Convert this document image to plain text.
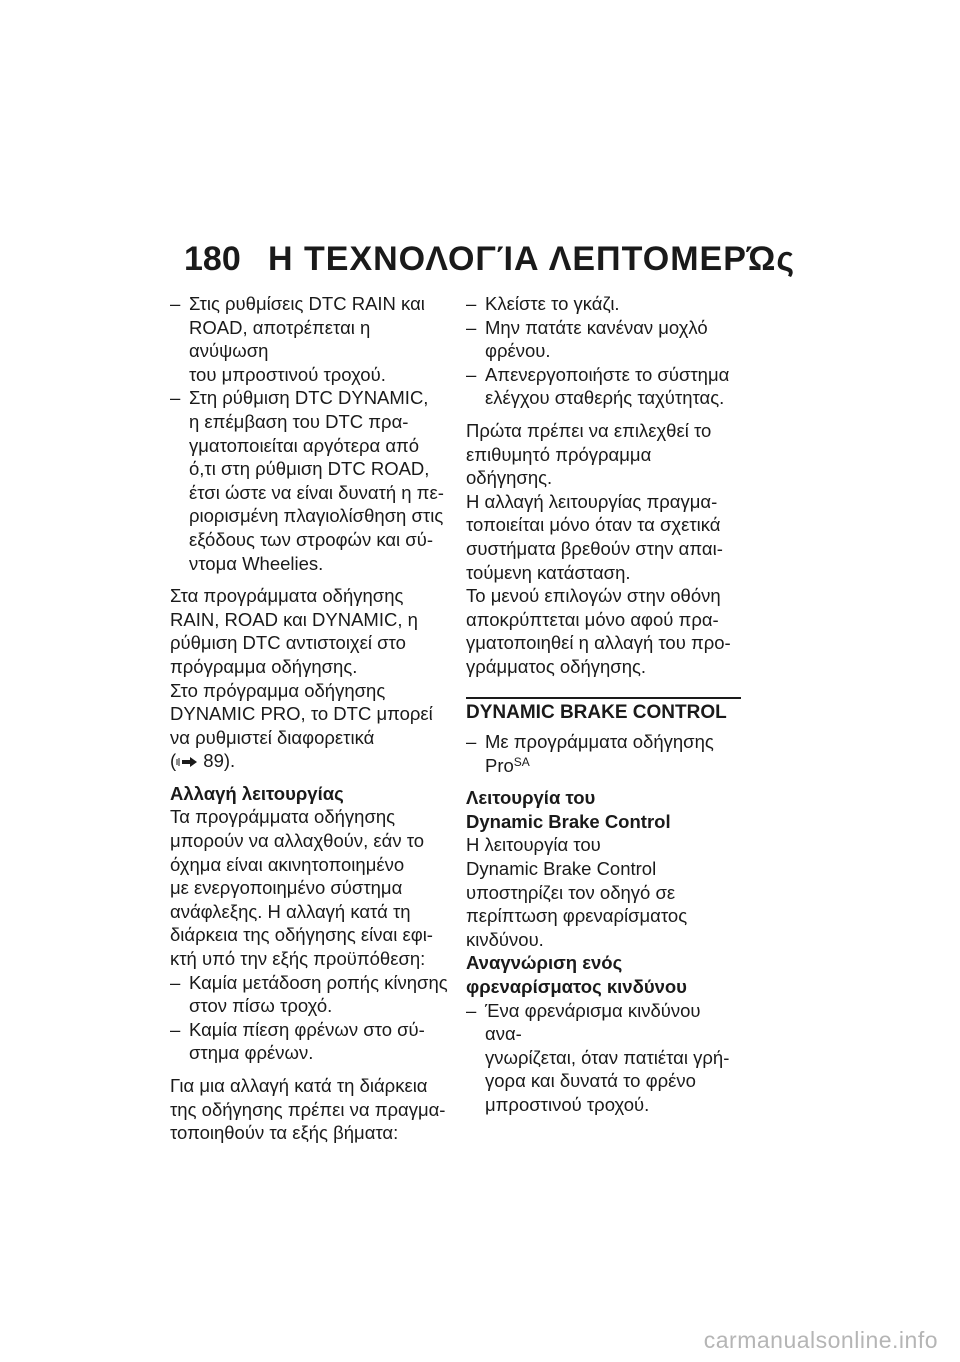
180 Η ΤΕΧΝΟΛΟΓΊΑ ΛΕΠΤΟΜΕΡΏς
– Στις ρυθμίσεις DTC RAIN και
ROAD, αποτρέπεται η ανύψωση
του μπροστινού τροχού.
– Στη ρύθμιση DTC DYNAMIC,
η επέμβαση του DTC πρα-
γματοποιείται αργότερα από
ό,τι στη ρύθμιση DTC ROAD,
έτσι ώστε να είναι δυνατή η πε-
ριορισμένη πλαγιολίσθηση στις
εξόδους των στροφών και σύ-
ντομα Wheelies.
Στα προγράμματα οδήγησης
RAIN, ROAD και DYNAMIC, η
ρύθμιση DTC αντιστοιχεί στο
πρόγραμμα οδήγησης.
Στο πρόγραμμα οδήγησης
DYNAMIC PRO, το DTC μπορεί
να ρυθμιστεί διαφορετικά
( 89).
Αλλαγή λειτουργίας
Τα προγράμματα οδήγησης
μπορούν να αλλαχθούν, εάν το
όχημα είναι ακινητοποιημένο
με ενεργοποιημένο σύστημα
ανάφλεξης. Η αλλαγή κατά τη
διάρκεια της οδήγησης είναι εφι-
κτή υπό την εξής προϋπόθεση:
– Καμία μετάδοση ροπής κίνησης
στον πίσω τροχό.
– Καμία πίεση φρένων στο σύ-
στημα φρένων.
Για μια αλλαγή κατά τη διάρκεια
της οδήγησης πρέπει να πραγμα-
τοποιηθούν τα εξής βήματα:
– Κλείστε το γκάζι.
– Μην πατάτε κανέναν μοχλό
φρένου.
– Απενεργοποιήστε το σύστημα
ελέγχου σταθερής ταχύτητας.
Πρώτα πρέπει να επιλεχθεί το
επιθυμητό πρόγραμμα οδήγησης.
Η αλλαγή λειτουργίας πραγμα-
τοποιείται μόνο όταν τα σχετικά
συστήματα βρεθούν στην απαι-
τούμενη κατάσταση.
Το μενού επιλογών στην οθόνη
αποκρύπτεται μόνο αφού πρα-
γματοποιηθεί η αλλαγή του προ-
γράμματος οδήγησης.
DYNAMIC BRAKE CONTROL
– Με προγράμματα οδήγησης
Pro$^{SA}$
Λειτουργία του
Dynamic Brake Control
Η λειτουργία του
Dynamic Brake Control
υποστηρίζει τον οδηγό σε
περίπτωση φρεναρίσματος
κινδύνου.
Αναγνώριση ενός
φρεναρίσματος κινδύνου
– Ένα φρενάρισμα κινδύνου ανα-
γνωρίζεται, όταν πατιέται γρή-
γορα και δυνατά το φρένο
μπροστινού τροχού.
carmanualsonline.info
